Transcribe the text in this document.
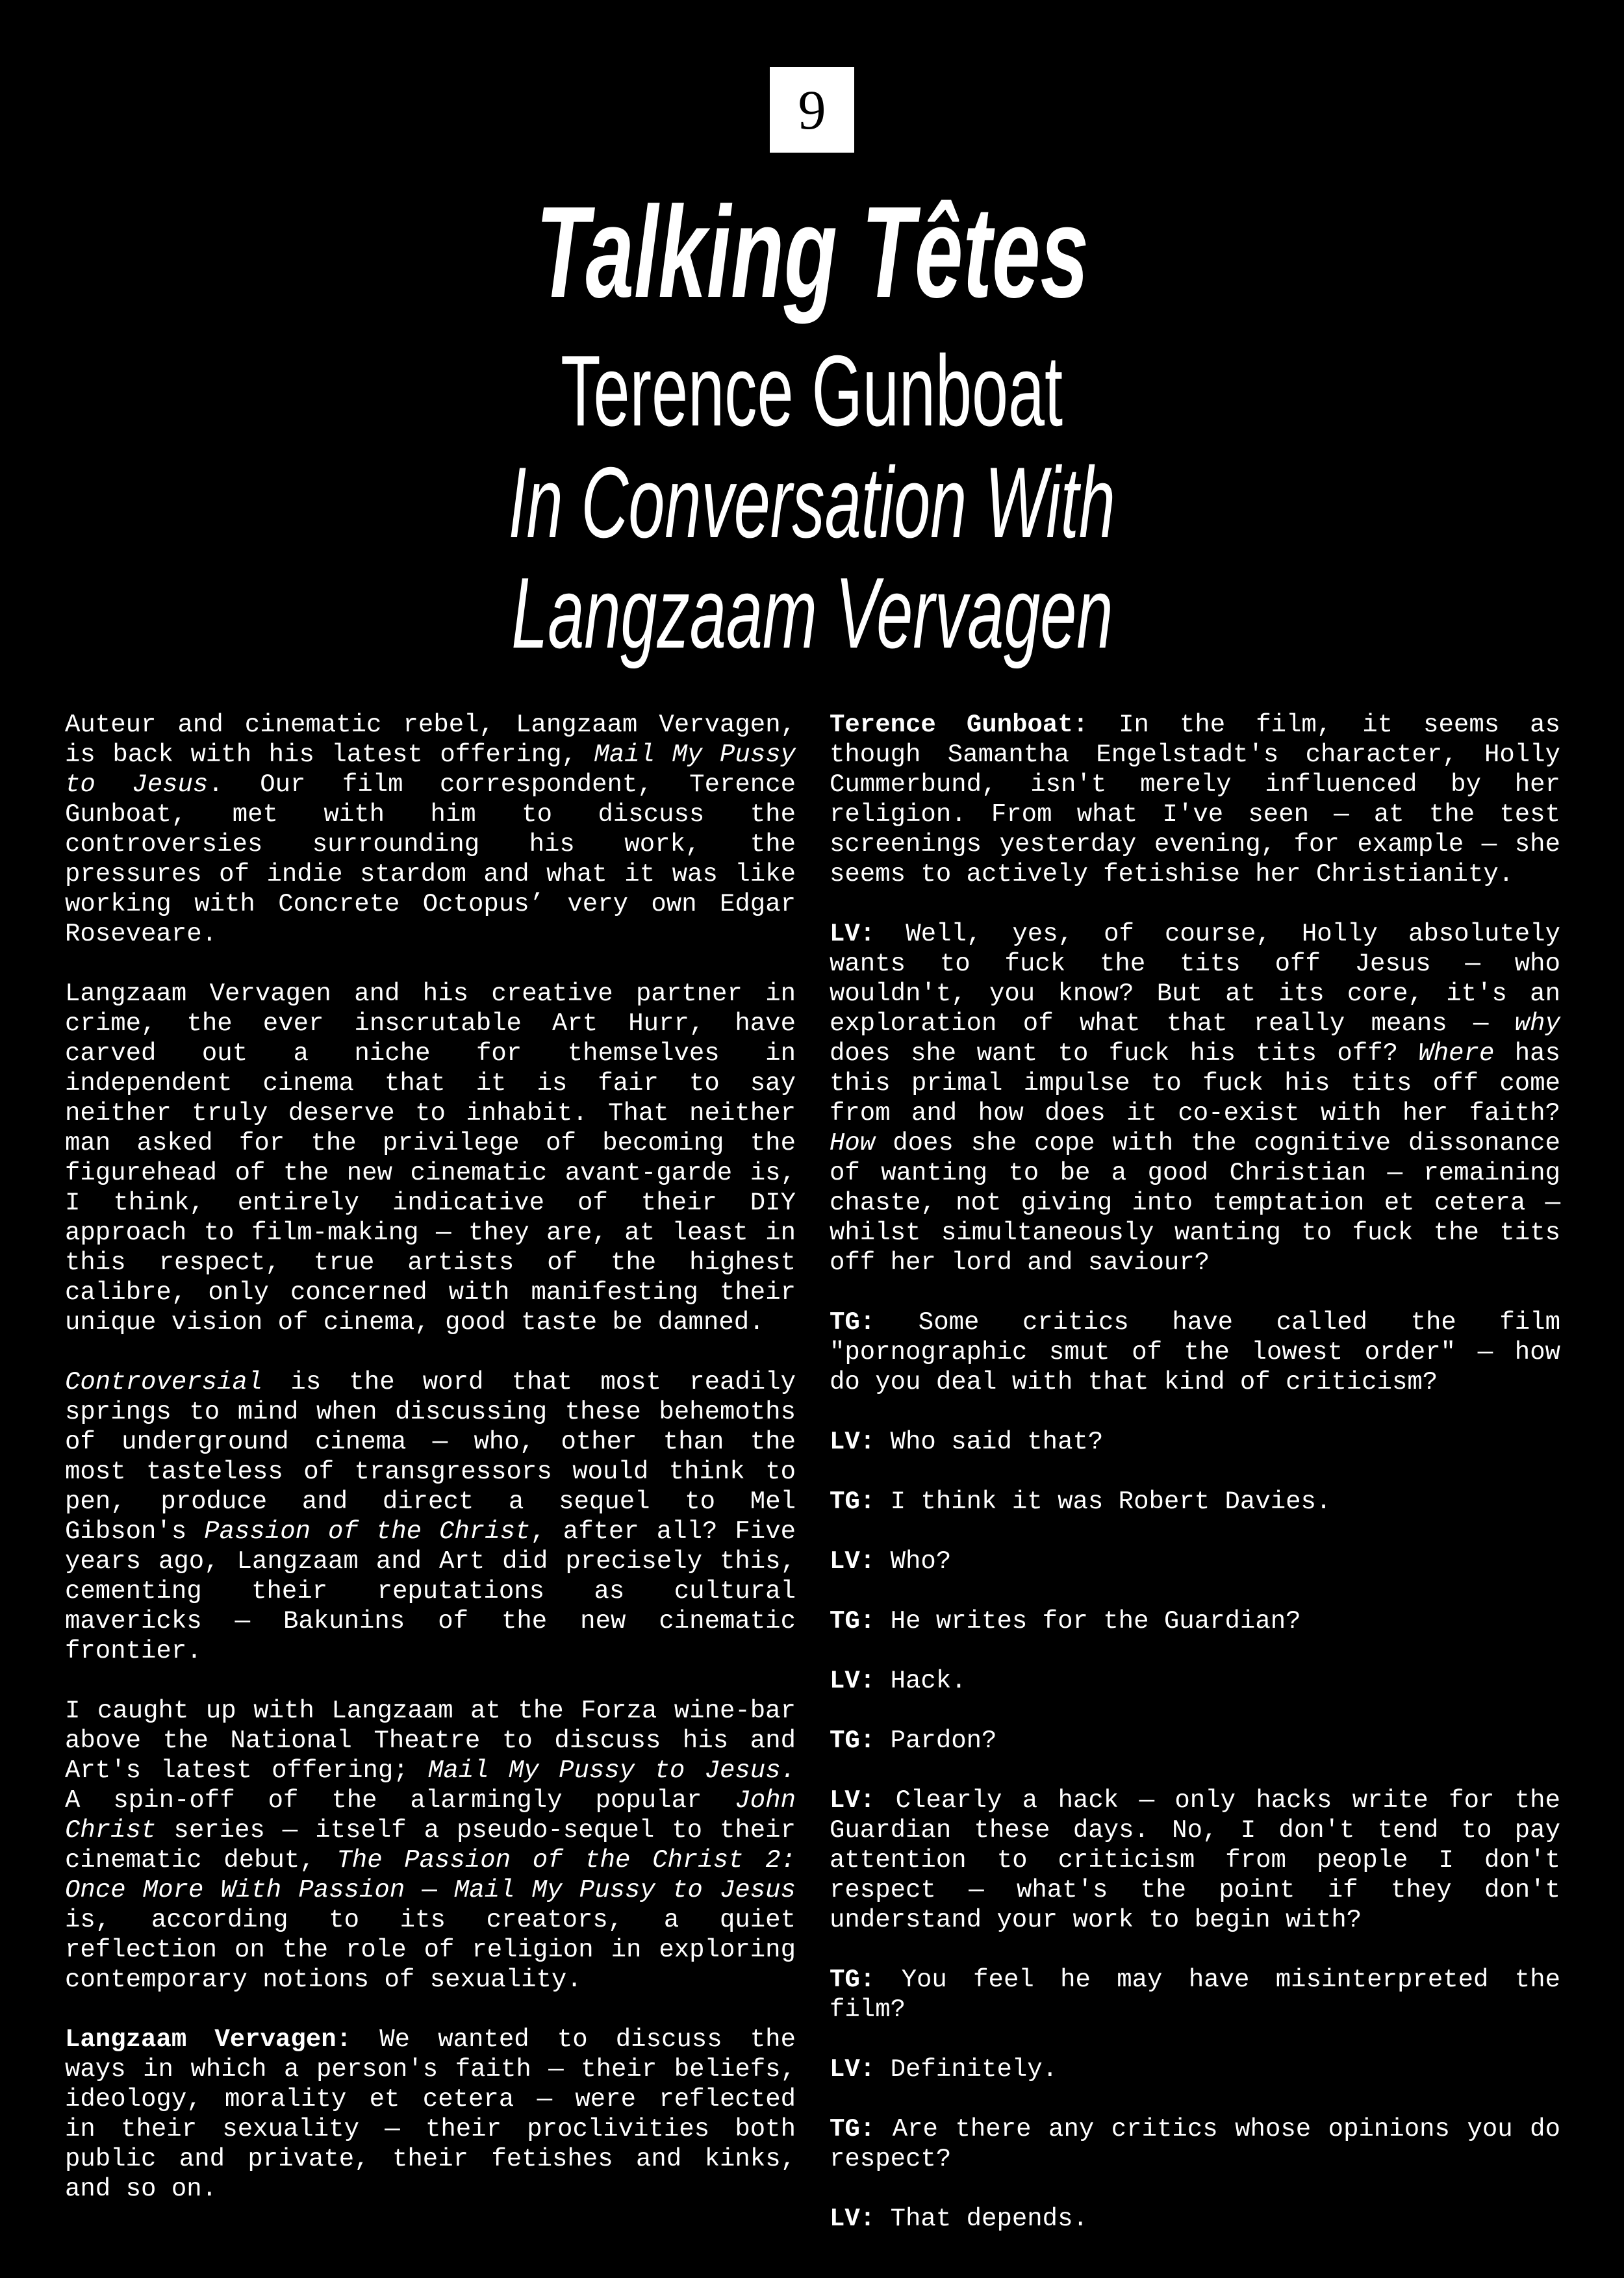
9
Talking Têtes
Terence Gunboat
In Conversation With
Langzaam Vervagen
Auteur and cinematic rebel, Langzaam Vervagen,
is back with his latest offering, Mail My Pussy
to Jesus. Our film correspondent, Terence
Gunboat, met with him to discuss the
controversies surrounding his work, the
pressures of indie stardom and what it was like
working with Concrete Octopus’ very own Edgar
Roseveare.
Langzaam Vervagen and his creative partner in
crime, the ever inscrutable Art Hurr, have
carved out a niche for themselves in
independent cinema that it is fair to say
neither truly deserve to inhabit. That neither
man asked for the privilege of becoming the
figurehead of the new cinematic avant-garde is,
I think, entirely indicative of their DIY
approach to film-making — they are, at least in
this respect, true artists of the highest
calibre, only concerned with manifesting their
unique vision of cinema, good taste be damned.
Controversial is the word that most readily
springs to mind when discussing these behemoths
of underground cinema — who, other than the
most tasteless of transgressors would think to
pen, produce and direct a sequel to Mel
Gibson's Passion of the Christ, after all? Five
years ago, Langzaam and Art did precisely this,
cementing their reputations as cultural
mavericks — Bakunins of the new cinematic
frontier.
I caught up with Langzaam at the Forza wine-bar
above the National Theatre to discuss his and
Art's latest offering; Mail My Pussy to Jesus.
A spin-off of the alarmingly popular John
Christ series — itself a pseudo-sequel to their
cinematic debut, The Passion of the Christ 2:
Once More With Passion — Mail My Pussy to Jesus
is, according to its creators, a quiet
reflection on the role of religion in exploring
contemporary notions of sexuality.
Langzaam Vervagen: We wanted to discuss the
ways in which a person's faith — their beliefs,
ideology, morality et cetera — were reflected
in their sexuality — their proclivities both
public and private, their fetishes and kinks,
and so on.
Terence Gunboat: In the film, it seems as
though Samantha Engelstadt's character, Holly
Cummerbund, isn't merely influenced by her
religion. From what I've seen — at the test
screenings yesterday evening, for example — she
seems to actively fetishise her Christianity.
LV: Well, yes, of course, Holly absolutely
wants to fuck the tits off Jesus — who
wouldn't, you know? But at its core, it's an
exploration of what that really means — why
does she want to fuck his tits off? Where has
this primal impulse to fuck his tits off come
from and how does it co-exist with her faith?
How does she cope with the cognitive dissonance
of wanting to be a good Christian — remaining
chaste, not giving into temptation et cetera —
whilst simultaneously wanting to fuck the tits
off her lord and saviour?
TG: Some critics have called the film
"pornographic smut of the lowest order" — how
do you deal with that kind of criticism?
LV: Who said that?
TG: I think it was Robert Davies.
LV: Who?
TG: He writes for the Guardian?
LV: Hack.
TG: Pardon?
LV: Clearly a hack — only hacks write for the
Guardian these days. No, I don't tend to pay
attention to criticism from people I don't
respect — what's the point if they don't
understand your work to begin with?
TG: You feel he may have misinterpreted the
film?
LV: Definitely.
TG: Are there any critics whose opinions you do
respect?
LV: That depends.
